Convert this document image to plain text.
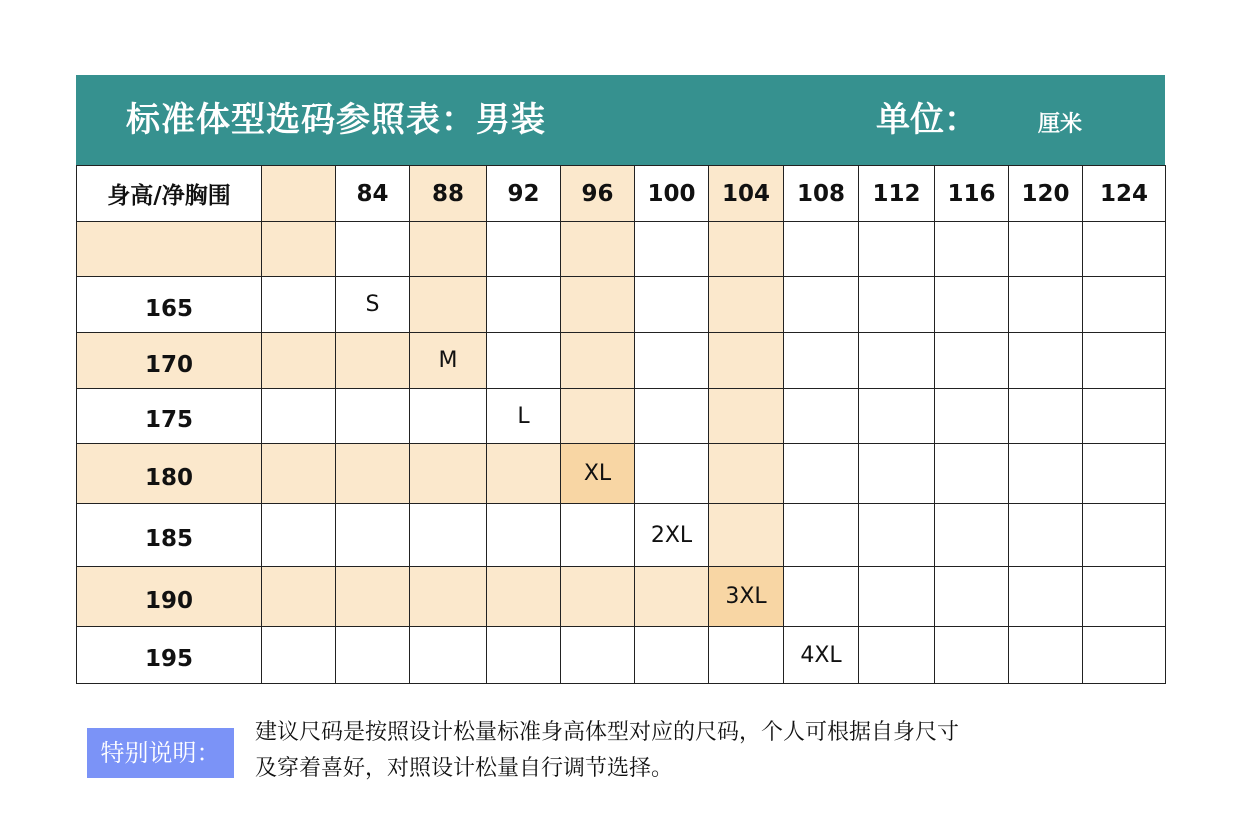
标准体型选码参照表：男装	单位：	厘米
身高/净胸围		84	88	92	96	100	104	108	112	116	120	124

165		S										
170			M									
175				L								
180					XL							
185						2XL						
190							3XL					
195								4XL				
特别说明：
建议尺码是按照设计松量标准身高体型对应的尺码，个人可根据自身尺寸
及穿着喜好，对照设计松量自行调节选择。
